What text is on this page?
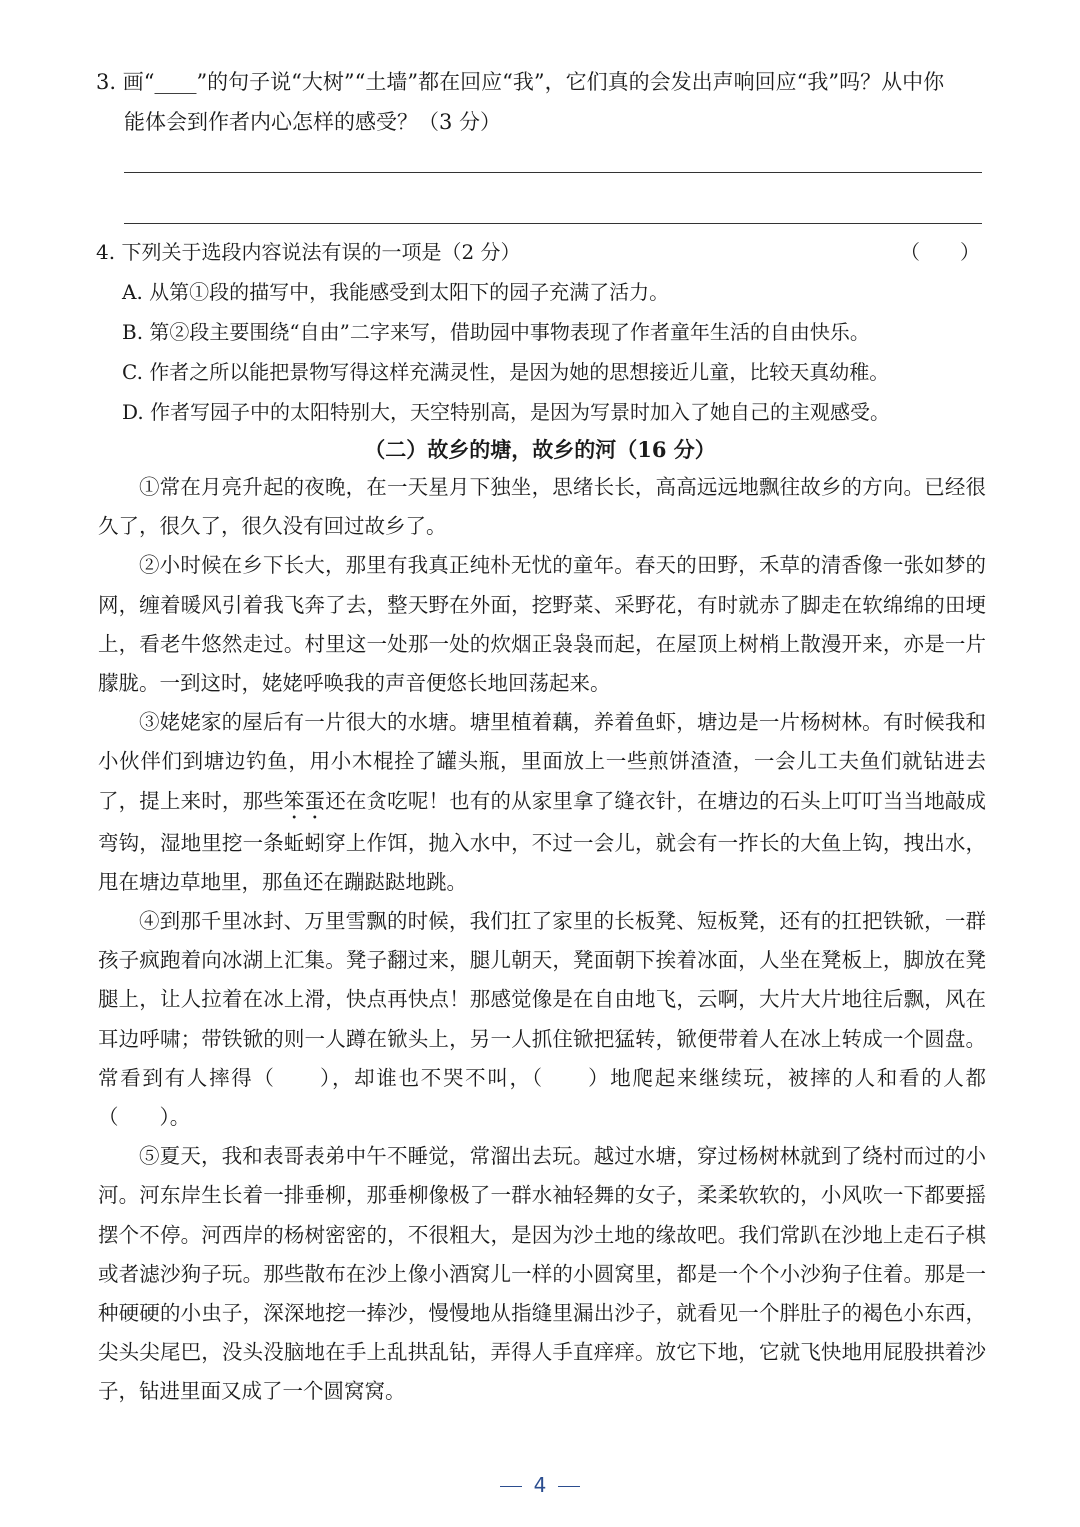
3. 画“____”的句子说“大树”“土墙”都在回应“我”，它们真的会发出声响回应“我”吗？从中你
能体会到作者内心怎样的感受？（3 分）
4. 下列关于选段内容说法有误的一项是（2 分）	（　　）
A. 从第①段的描写中，我能感受到太阳下的园子充满了活力。
B. 第②段主要围绕“自由”二字来写，借助园中事物表现了作者童年生活的自由快乐。
C. 作者之所以能把景物写得这样充满灵性，是因为她的思想接近儿童，比较天真幼稚。
D. 作者写园子中的太阳特别大，天空特别高，是因为写景时加入了她自己的主观感受。
（二）故乡的塘，故乡的河（16 分）

①常在月亮升起的夜晚，在一天星月下独坐，思绪长长，高高远远地飘往故乡的方向。已经很久了，很久了，很久没有回过故乡了。

②小时候在乡下长大，那里有我真正纯朴无忧的童年。春天的田野，禾草的清香像一张如梦的网，缠着暖风引着我飞奔了去，整天野在外面，挖野菜、采野花，有时就赤了脚走在软绵绵的田埂上，看老牛悠然走过。村里这一处那一处的炊烟正袅袅而起，在屋顶上树梢上散漫开来，亦是一片朦胧。一到这时，姥姥呼唤我的声音便悠长地回荡起来。

③姥姥家的屋后有一片很大的水塘。塘里植着藕，养着鱼虾，塘边是一片杨树林。有时候我和小伙伴们到塘边钓鱼，用小木棍拴了罐头瓶，里面放上一些煎饼渣渣，一会儿工夫鱼们就钻进去了，提上来时，那些笨蛋还在贪吃呢！也有的从家里拿了缝衣针，在塘边的石头上叮叮当当地敲成弯钩，湿地里挖一条蚯蚓穿上作饵，抛入水中，不过一会儿，就会有一拃长的大鱼上钩，拽出水，甩在塘边草地里，那鱼还在蹦跶跶地跳。

④到那千里冰封、万里雪飘的时候，我们扛了家里的长板凳、短板凳，还有的扛把铁锨，一群孩子疯跑着向冰湖上汇集。凳子翻过来，腿儿朝天，凳面朝下挨着冰面，人坐在凳板上，脚放在凳腿上，让人拉着在冰上滑，快点再快点！那感觉像是在自由地飞，云啊，大片大片地往后飘，风在耳边呼啸；带铁锨的则一人蹲在锨头上，另一人抓住锨把猛转，锨便带着人在冰上转成一个圆盘。常看到有人摔得（　　），却谁也不哭不叫，（　　）地爬起来继续玩，被摔的人和看的人都（　　）。

⑤夏天，我和表哥表弟中午不睡觉，常溜出去玩。越过水塘，穿过杨树林就到了绕村而过的小河。河东岸生长着一排垂柳，那垂柳像极了一群水袖轻舞的女子，柔柔软软的，小风吹一下都要摇摆个不停。河西岸的杨树密密的，不很粗大，是因为沙土地的缘故吧。我们常趴在沙地上走石子棋或者滤沙狗子玩。那些散布在沙上像小酒窝儿一样的小圆窝里，都是一个个小沙狗子住着。那是一种硬硬的小虫子，深深地挖一捧沙，慢慢地从指缝里漏出沙子，就看见一个胖肚子的褐色小东西，尖头尖尾巴，没头没脑地在手上乱拱乱钻，弄得人手直痒痒。放它下地，它就飞快地用屁股拱着沙子，钻进里面又成了一个圆窝窝。

4
